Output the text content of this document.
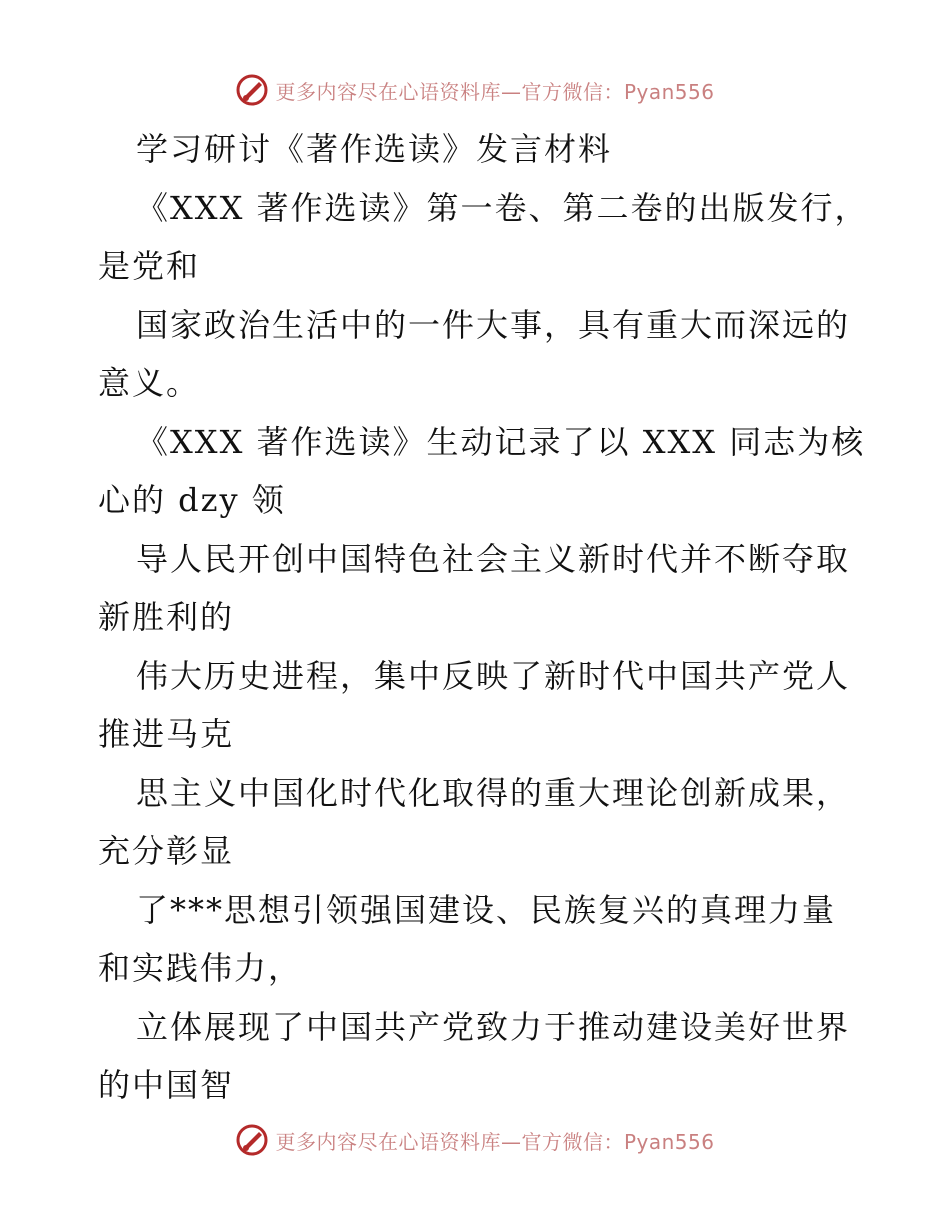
更多内容尽在心语资料库—官方微信：Pyan556
学习研讨《著作选读》发言材料
《XXX 著作选读》第一卷、第二卷的出版发行，
是党和
国家政治生活中的一件大事，具有重大而深远的
意义。
《XXX 著作选读》生动记录了以 XXX 同志为核
心的 dzy 领
导人民开创中国特色社会主义新时代并不断夺取
新胜利的
伟大历史进程，集中反映了新时代中国共产党人
推进马克
思主义中国化时代化取得的重大理论创新成果，
充分彰显
了***思想引领强国建设、民族复兴的真理力量
和实践伟力，
立体展现了中国共产党致力于推动建设美好世界
的中国智
更多内容尽在心语资料库—官方微信：Pyan556
